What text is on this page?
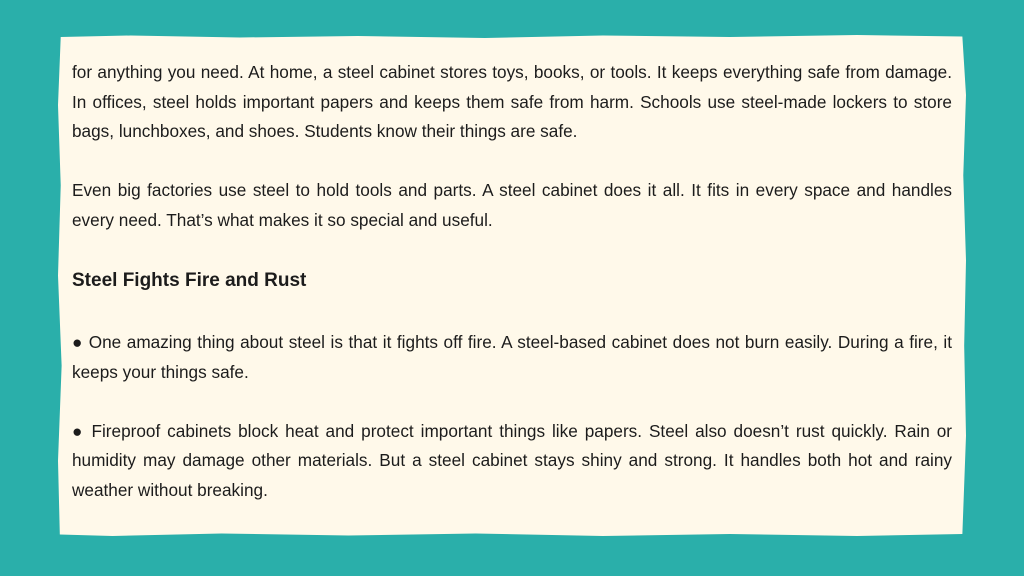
for anything you need. At home, a steel cabinet stores toys, books, or tools. It keeps everything safe from damage. In offices, steel holds important papers and keeps them safe from harm. Schools use steel-made lockers to store bags, lunchboxes, and shoes. Students know their things are safe.

Even big factories use steel to hold tools and parts. A steel cabinet does it all. It fits in every space and handles every need. That’s what makes it so special and useful.

Steel Fights Fire and Rust

● One amazing thing about steel is that it fights off fire. A steel-based cabinet does not burn easily. During a fire, it keeps your things safe.

● Fireproof cabinets block heat and protect important things like papers. Steel also doesn’t rust quickly. Rain or humidity may damage other materials. But a steel cabinet stays shiny and strong. It handles both hot and rainy weather without breaking.
